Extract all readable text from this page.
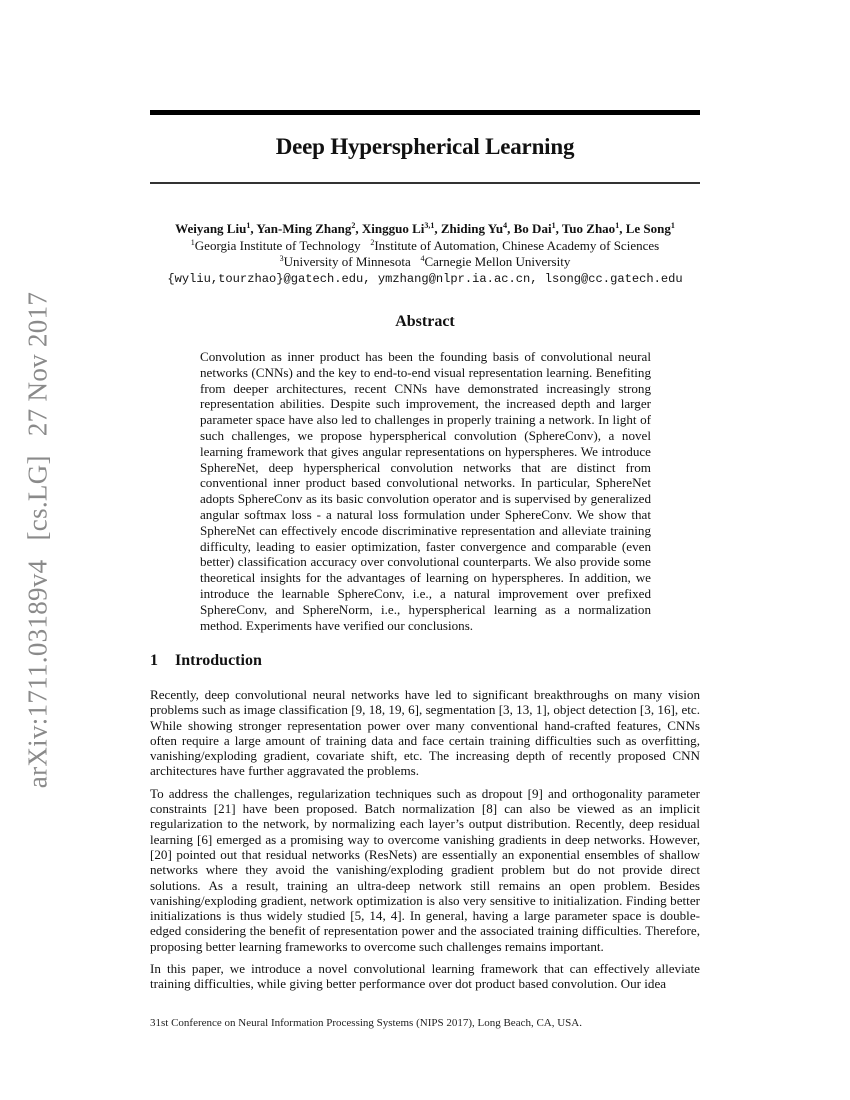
arXiv:1711.03189v4 [cs.LG] 27 Nov 2017
Deep Hyperspherical Learning
Weiyang Liu$^1$, Yan-Ming Zhang$^2$, Xingguo Li$^{3,1}$, Zhiding Yu$^4$, Bo Dai$^1$, Tuo Zhao$^1$, Le Song$^1$
$^1$Georgia Institute of Technology $^2$Institute of Automation, Chinese Academy of Sciences
$^3$University of Minnesota $^4$Carnegie Mellon University
{wyliu,tourzhao}@gatech.edu, ymzhang@nlpr.ia.ac.cn, lsong@cc.gatech.edu
Abstract
Convolution as inner product has been the founding basis of convolutional neural networks (CNNs) and the key to end-to-end visual representation learning. Benefiting from deeper architectures, recent CNNs have demonstrated increasingly strong representation abilities. Despite such improvement, the increased depth and larger parameter space have also led to challenges in properly training a network. In light of such challenges, we propose hyperspherical convolution (SphereConv), a novel learning framework that gives angular representations on hyperspheres. We introduce SphereNet, deep hyperspherical convolution networks that are distinct from conventional inner product based convolutional networks. In particular, SphereNet adopts SphereConv as its basic convolution operator and is supervised by generalized angular softmax loss - a natural loss formulation under SphereConv. We show that SphereNet can effectively encode discriminative representation and alleviate training difficulty, leading to easier optimization, faster convergence and comparable (even better) classification accuracy over convolutional counterparts. We also provide some theoretical insights for the advantages of learning on hyperspheres. In addition, we introduce the learnable SphereConv, i.e., a natural improvement over prefixed SphereConv, and SphereNorm, i.e., hyperspherical learning as a normalization method. Experiments have verified our conclusions.
1 Introduction

Recently, deep convolutional neural networks have led to significant breakthroughs on many vision problems such as image classification [9, 18, 19, 6], segmentation [3, 13, 1], object detection [3, 16], etc. While showing stronger representation power over many conventional hand-crafted features, CNNs often require a large amount of training data and face certain training difficulties such as overfitting, vanishing/exploding gradient, covariate shift, etc. The increasing depth of recently proposed CNN architectures have further aggravated the problems.

To address the challenges, regularization techniques such as dropout [9] and orthogonality parameter constraints [21] have been proposed. Batch normalization [8] can also be viewed as an implicit regularization to the network, by normalizing each layer’s output distribution. Recently, deep residual learning [6] emerged as a promising way to overcome vanishing gradients in deep networks. However, [20] pointed out that residual networks (ResNets) are essentially an exponential ensembles of shallow networks where they avoid the vanishing/exploding gradient problem but do not provide direct solutions. As a result, training an ultra-deep network still remains an open problem. Besides vanishing/exploding gradient, network optimization is also very sensitive to initialization. Finding better initializations is thus widely studied [5, 14, 4]. In general, having a large parameter space is double-edged considering the benefit of representation power and the associated training difficulties. Therefore, proposing better learning frameworks to overcome such challenges remains important.

In this paper, we introduce a novel convolutional learning framework that can effectively alleviate training difficulties, while giving better performance over dot product based convolution. Our idea

31st Conference on Neural Information Processing Systems (NIPS 2017), Long Beach, CA, USA.
